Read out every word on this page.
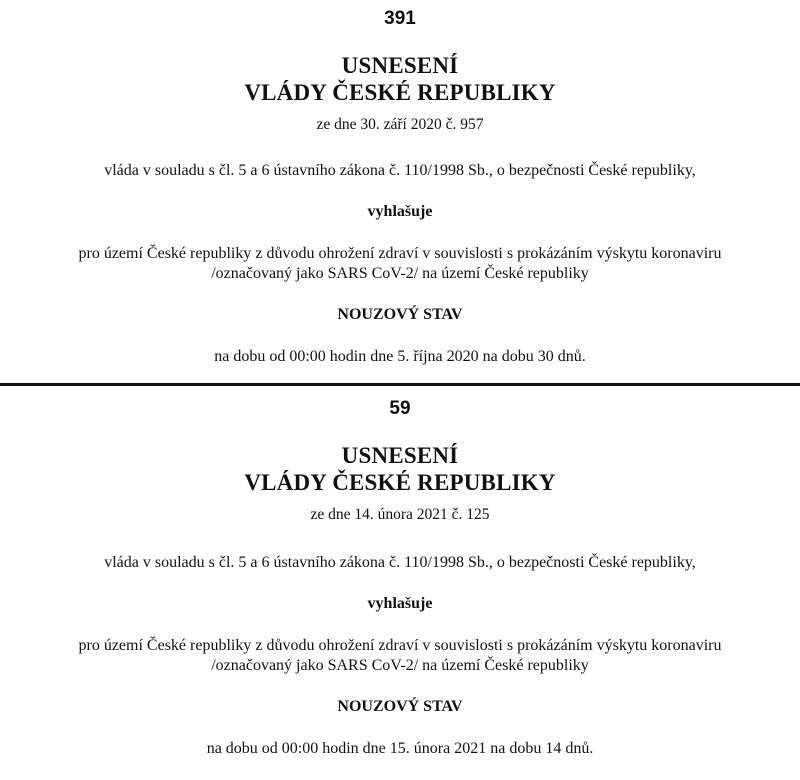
391
USNESENÍ
VLÁDY ČESKÉ REPUBLIKY
ze dne 30. září 2020 č. 957
vláda v souladu s čl. 5 a 6 ústavního zákona č. 110/1998 Sb., o bezpečnosti České republiky,
vyhlašuje
pro území České republiky z důvodu ohrožení zdraví v souvislosti s prokázáním výskytu koronaviru
/označovaný jako SARS CoV-2/ na území České republiky
NOUZOVÝ STAV
na dobu od 00:00 hodin dne 5. října 2020 na dobu 30 dnů.
59
USNESENÍ
VLÁDY ČESKÉ REPUBLIKY
ze dne 14. února 2021 č. 125
vláda v souladu s čl. 5 a 6 ústavního zákona č. 110/1998 Sb., o bezpečnosti České republiky,
vyhlašuje
pro území České republiky z důvodu ohrožení zdraví v souvislosti s prokázáním výskytu koronaviru
/označovaný jako SARS CoV-2/ na území České republiky
NOUZOVÝ STAV
na dobu od 00:00 hodin dne 15. února 2021 na dobu 14 dnů.
